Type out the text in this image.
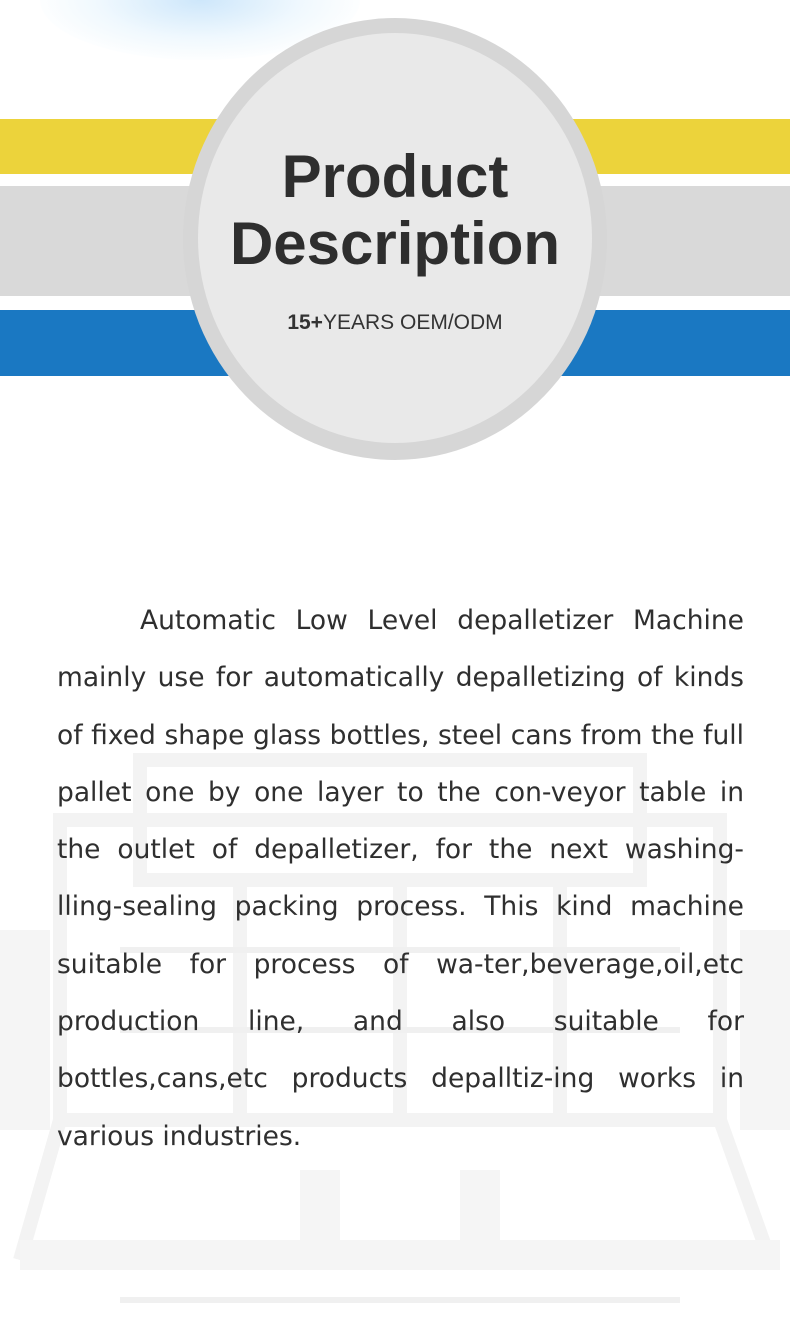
Product
Description
15+YEARS OEM/ODM

Automatic Low Level depalletizer Machine mainly use for automatically depalletizing of kinds of fixed shape glass bottles, steel cans from the full pallet one by one layer to the con-veyor table in the outlet of depalletizer, for the next washing-lling-sealing packing process. This kind machine suitable for process of wa-ter,beverage,oil,etc production line, and also suitable for bottles,cans,etc products depalltiz-ing works in various industries.
